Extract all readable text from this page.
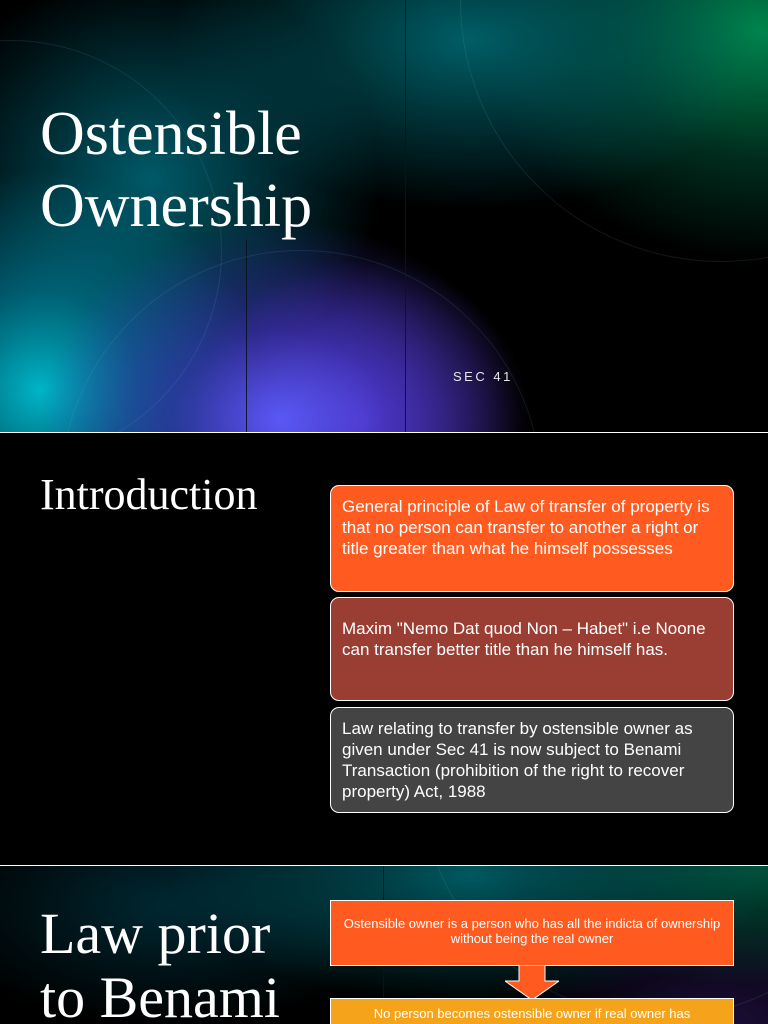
Ostensible
Ownership
SEC 41
Introduction	General principle of Law of transfer of property is that no person can transfer to another a right or title greater than what he himself possesses
Maxim "Nemo Dat quod Non – Habet" i.e Noone can transfer better title than he himself has.
Law relating to transfer by ostensible owner as given under Sec 41 is now subject to Benami Transaction (prohibition of the right to recover property) Act, 1988
Law prior
to Benami
Ostensible owner is a person who has all the indicta of ownership without being the real owner
No person becomes ostensible owner if real owner has
